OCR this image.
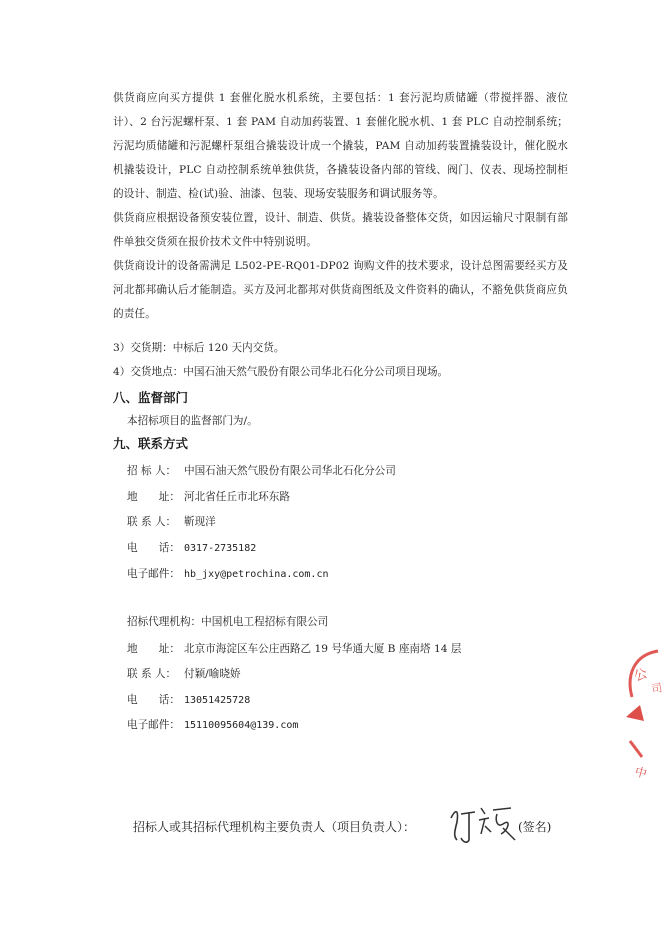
供货商应向买方提供 1 套催化脱水机系统，主要包括：1 套污泥均质储罐（带搅拌器、液位计）、2 台污泥螺杆泵、1 套 PAM 自动加药装置、1 套催化脱水机、1 套 PLC 自动控制系统；污泥均质储罐和污泥螺杆泵组合撬装设计成一个撬装，PAM 自动加药装置撬装设计，催化脱水机撬装设计，PLC 自动控制系统单独供货，各撬装设备内部的管线、阀门、仪表、现场控制柜的设计、制造、检(试)验、油漆、包装、现场安装服务和调试服务等。
供货商应根据设备预安装位置，设计、制造、供货。撬装设备整体交货，如因运输尺寸限制有部件单独交货须在报价技术文件中特别说明。
供货商设计的设备需满足 L502-PE-RQ01-DP02 询购文件的技术要求，设计总图需要经买方及河北都邦确认后才能制造。买方及河北都邦对供货商图纸及文件资料的确认，不豁免供货商应负的责任。
3）交货期：中标后 120 天内交货。
4）交货地点：中国石油天然气股份有限公司华北石化分公司项目现场。
八、监督部门
本招标项目的监督部门为/。
九、联系方式
招 标 人： 中国石油天然气股份有限公司华北石化分公司
地　　址： 河北省任丘市北环东路
联 系 人： 靳现洋
电　　话： 0317-2735182
电子邮件： hb_jxy@petrochina.com.cn
招标代理机构：中国机电工程招标有限公司
地　　址： 北京市海淀区车公庄西路乙 19 号华通大厦 B 座南塔 14 层
联 系 人： 付颖/喻晓娇
电　　话： 13051425728
电子邮件： 15110095604@139.com
公
司
中
招标人或其招标代理机构主要负责人（项目负责人）：	(签名)
